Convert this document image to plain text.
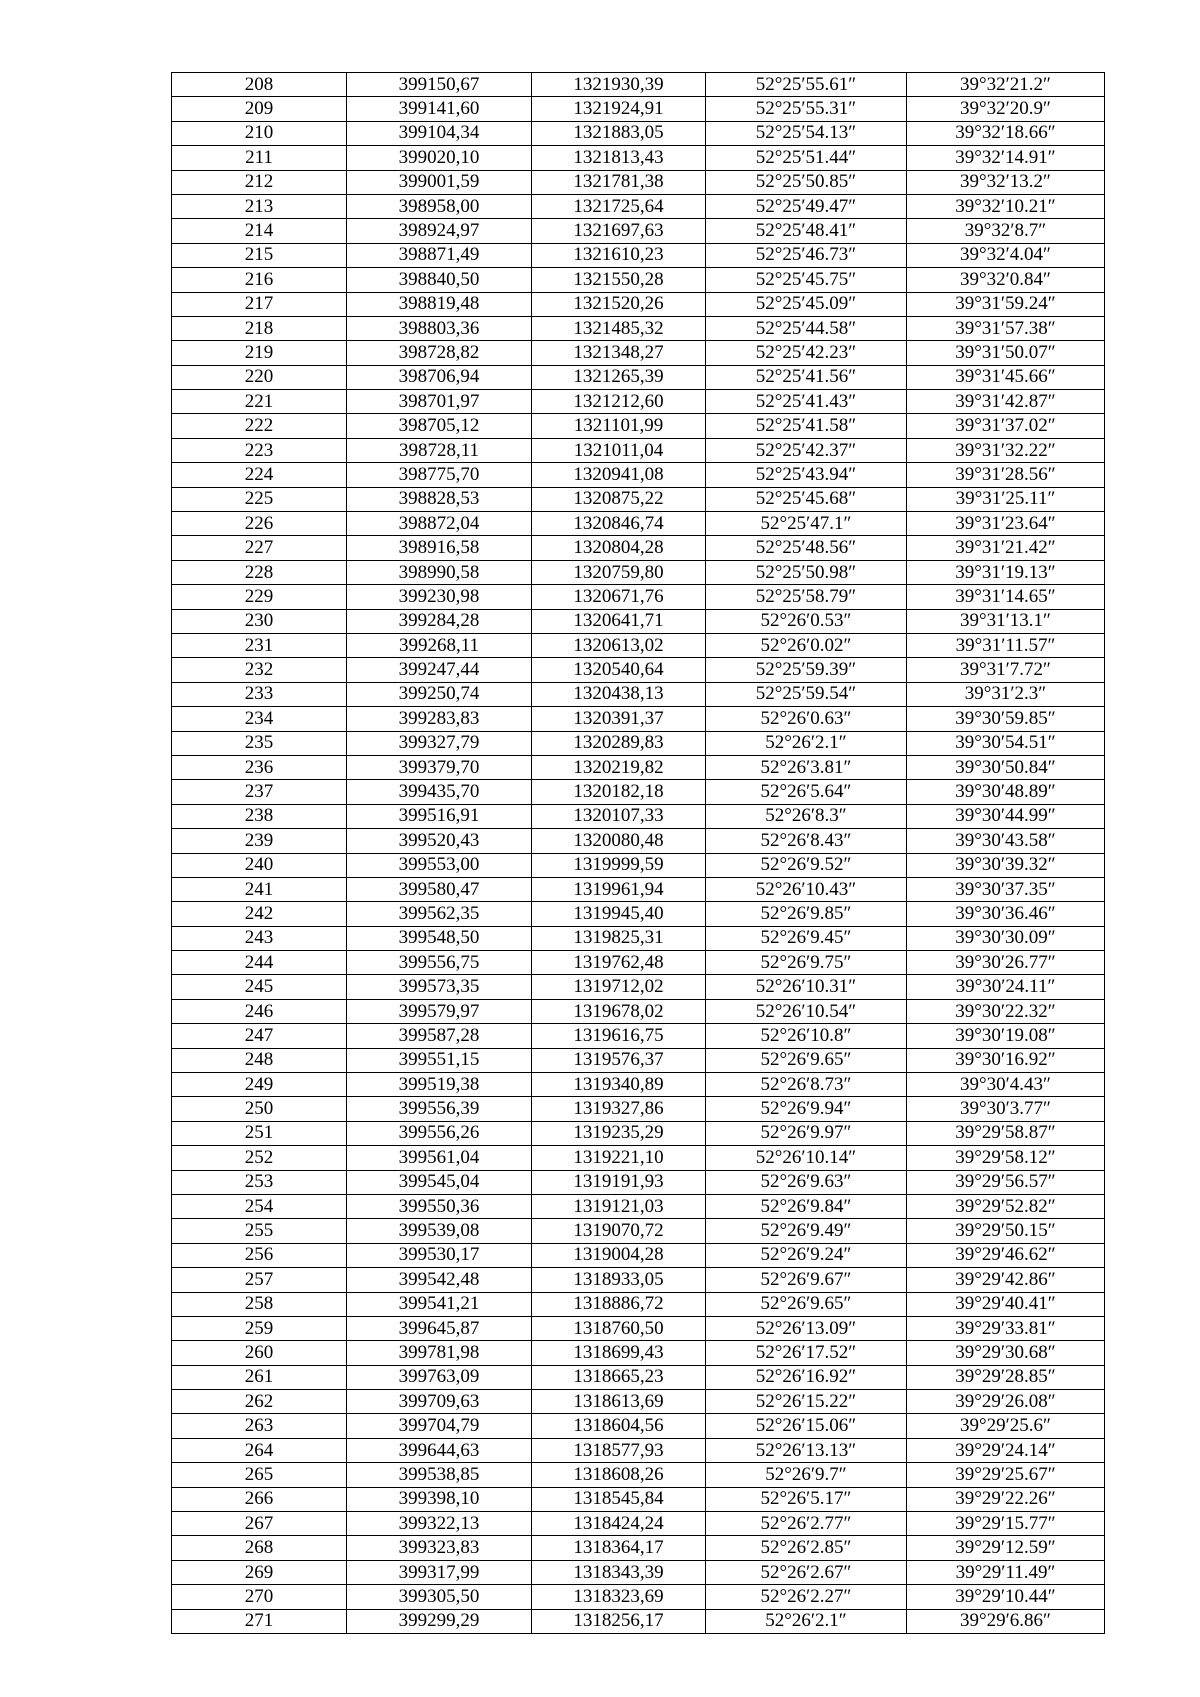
208	399150,67	1321930,39	52°25′55.61″	39°32′21.2″
209	399141,60	1321924,91	52°25′55.31″	39°32′20.9″
210	399104,34	1321883,05	52°25′54.13″	39°32′18.66″
211	399020,10	1321813,43	52°25′51.44″	39°32′14.91″
212	399001,59	1321781,38	52°25′50.85″	39°32′13.2″
213	398958,00	1321725,64	52°25′49.47″	39°32′10.21″
214	398924,97	1321697,63	52°25′48.41″	39°32′8.7″
215	398871,49	1321610,23	52°25′46.73″	39°32′4.04″
216	398840,50	1321550,28	52°25′45.75″	39°32′0.84″
217	398819,48	1321520,26	52°25′45.09″	39°31′59.24″
218	398803,36	1321485,32	52°25′44.58″	39°31′57.38″
219	398728,82	1321348,27	52°25′42.23″	39°31′50.07″
220	398706,94	1321265,39	52°25′41.56″	39°31′45.66″
221	398701,97	1321212,60	52°25′41.43″	39°31′42.87″
222	398705,12	1321101,99	52°25′41.58″	39°31′37.02″
223	398728,11	1321011,04	52°25′42.37″	39°31′32.22″
224	398775,70	1320941,08	52°25′43.94″	39°31′28.56″
225	398828,53	1320875,22	52°25′45.68″	39°31′25.11″
226	398872,04	1320846,74	52°25′47.1″	39°31′23.64″
227	398916,58	1320804,28	52°25′48.56″	39°31′21.42″
228	398990,58	1320759,80	52°25′50.98″	39°31′19.13″
229	399230,98	1320671,76	52°25′58.79″	39°31′14.65″
230	399284,28	1320641,71	52°26′0.53″	39°31′13.1″
231	399268,11	1320613,02	52°26′0.02″	39°31′11.57″
232	399247,44	1320540,64	52°25′59.39″	39°31′7.72″
233	399250,74	1320438,13	52°25′59.54″	39°31′2.3″
234	399283,83	1320391,37	52°26′0.63″	39°30′59.85″
235	399327,79	1320289,83	52°26′2.1″	39°30′54.51″
236	399379,70	1320219,82	52°26′3.81″	39°30′50.84″
237	399435,70	1320182,18	52°26′5.64″	39°30′48.89″
238	399516,91	1320107,33	52°26′8.3″	39°30′44.99″
239	399520,43	1320080,48	52°26′8.43″	39°30′43.58″
240	399553,00	1319999,59	52°26′9.52″	39°30′39.32″
241	399580,47	1319961,94	52°26′10.43″	39°30′37.35″
242	399562,35	1319945,40	52°26′9.85″	39°30′36.46″
243	399548,50	1319825,31	52°26′9.45″	39°30′30.09″
244	399556,75	1319762,48	52°26′9.75″	39°30′26.77″
245	399573,35	1319712,02	52°26′10.31″	39°30′24.11″
246	399579,97	1319678,02	52°26′10.54″	39°30′22.32″
247	399587,28	1319616,75	52°26′10.8″	39°30′19.08″
248	399551,15	1319576,37	52°26′9.65″	39°30′16.92″
249	399519,38	1319340,89	52°26′8.73″	39°30′4.43″
250	399556,39	1319327,86	52°26′9.94″	39°30′3.77″
251	399556,26	1319235,29	52°26′9.97″	39°29′58.87″
252	399561,04	1319221,10	52°26′10.14″	39°29′58.12″
253	399545,04	1319191,93	52°26′9.63″	39°29′56.57″
254	399550,36	1319121,03	52°26′9.84″	39°29′52.82″
255	399539,08	1319070,72	52°26′9.49″	39°29′50.15″
256	399530,17	1319004,28	52°26′9.24″	39°29′46.62″
257	399542,48	1318933,05	52°26′9.67″	39°29′42.86″
258	399541,21	1318886,72	52°26′9.65″	39°29′40.41″
259	399645,87	1318760,50	52°26′13.09″	39°29′33.81″
260	399781,98	1318699,43	52°26′17.52″	39°29′30.68″
261	399763,09	1318665,23	52°26′16.92″	39°29′28.85″
262	399709,63	1318613,69	52°26′15.22″	39°29′26.08″
263	399704,79	1318604,56	52°26′15.06″	39°29′25.6″
264	399644,63	1318577,93	52°26′13.13″	39°29′24.14″
265	399538,85	1318608,26	52°26′9.7″	39°29′25.67″
266	399398,10	1318545,84	52°26′5.17″	39°29′22.26″
267	399322,13	1318424,24	52°26′2.77″	39°29′15.77″
268	399323,83	1318364,17	52°26′2.85″	39°29′12.59″
269	399317,99	1318343,39	52°26′2.67″	39°29′11.49″
270	399305,50	1318323,69	52°26′2.27″	39°29′10.44″
271	399299,29	1318256,17	52°26′2.1″	39°29′6.86″
